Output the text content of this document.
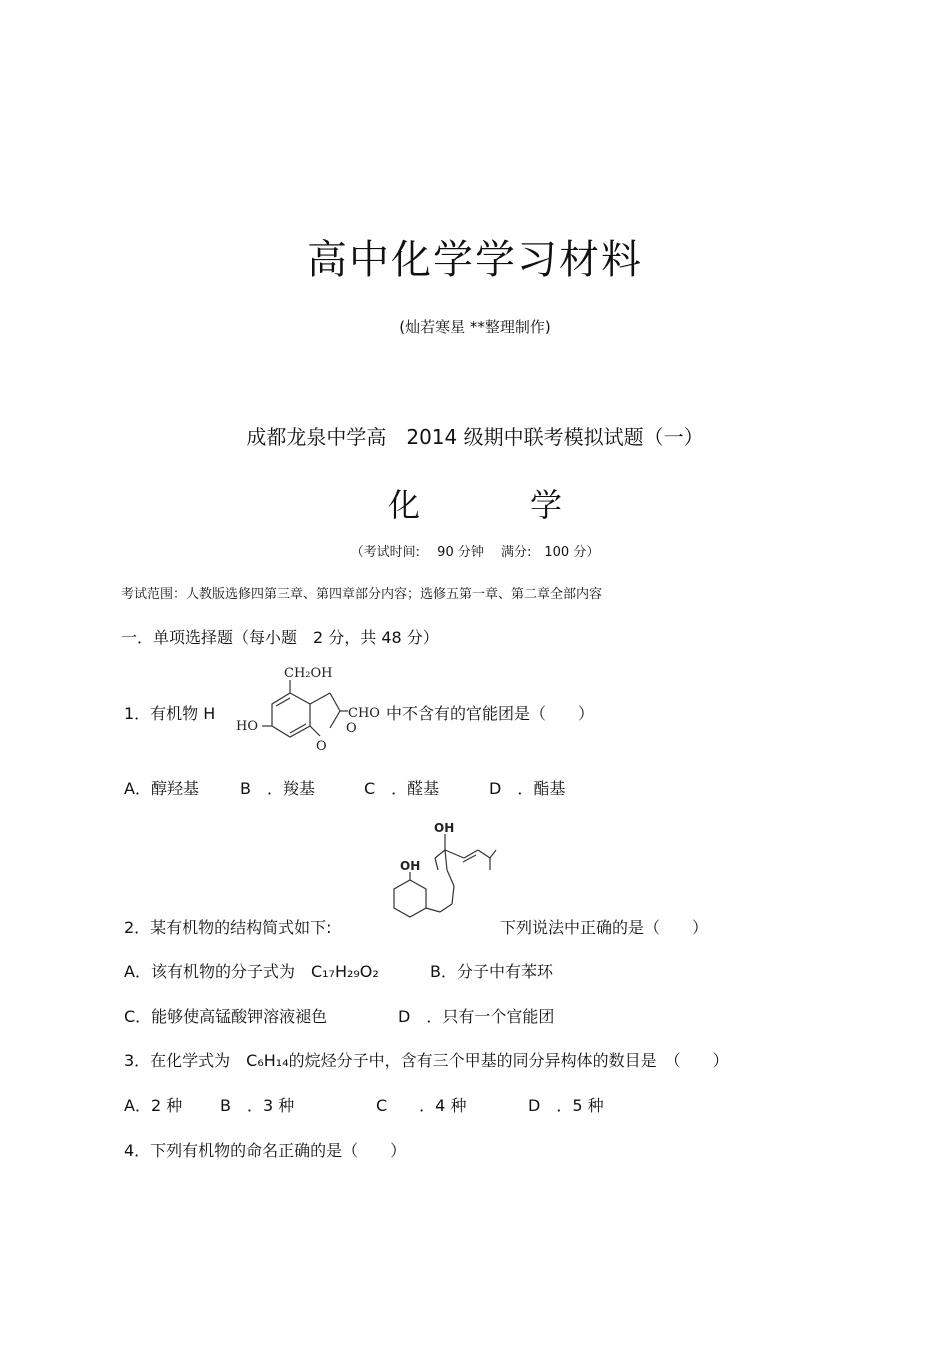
高中化学学习材料
(灿若寒星 **整理制作)
成都龙泉中学高　2014 级期中联考模拟试题（一）
化	学
（考试时间:　 90 分钟　 满分:　100 分）
考试范围：人教版选修四第三章、第四章部分内容；选修五第一章、第二章全部内容
一．单项选择题（每小题　2 分，共 48 分）
1．有机物 H
CH₂OH
HO
CHO
O
O
中不含有的官能团是（　　）
A．醇羟基	B　．羧基	C　．醛基	D　．酯基
OH
OH
2．某有机物的结构简式如下:	下列说法中正确的是（　　）
A．该有机物的分子式为　C₁₇H₂₉O₂	B．分子中有苯环
C．能够使高锰酸钾溶液褪色	D　．只有一个官能团
3．在化学式为　C₆H₁₄的烷烃分子中，含有三个甲基的同分异构体的数目是　（　　）
A．2 种 B　．3 种	C　　．4 种	D　．5 种
4．下列有机物的命名正确的是（　　）
